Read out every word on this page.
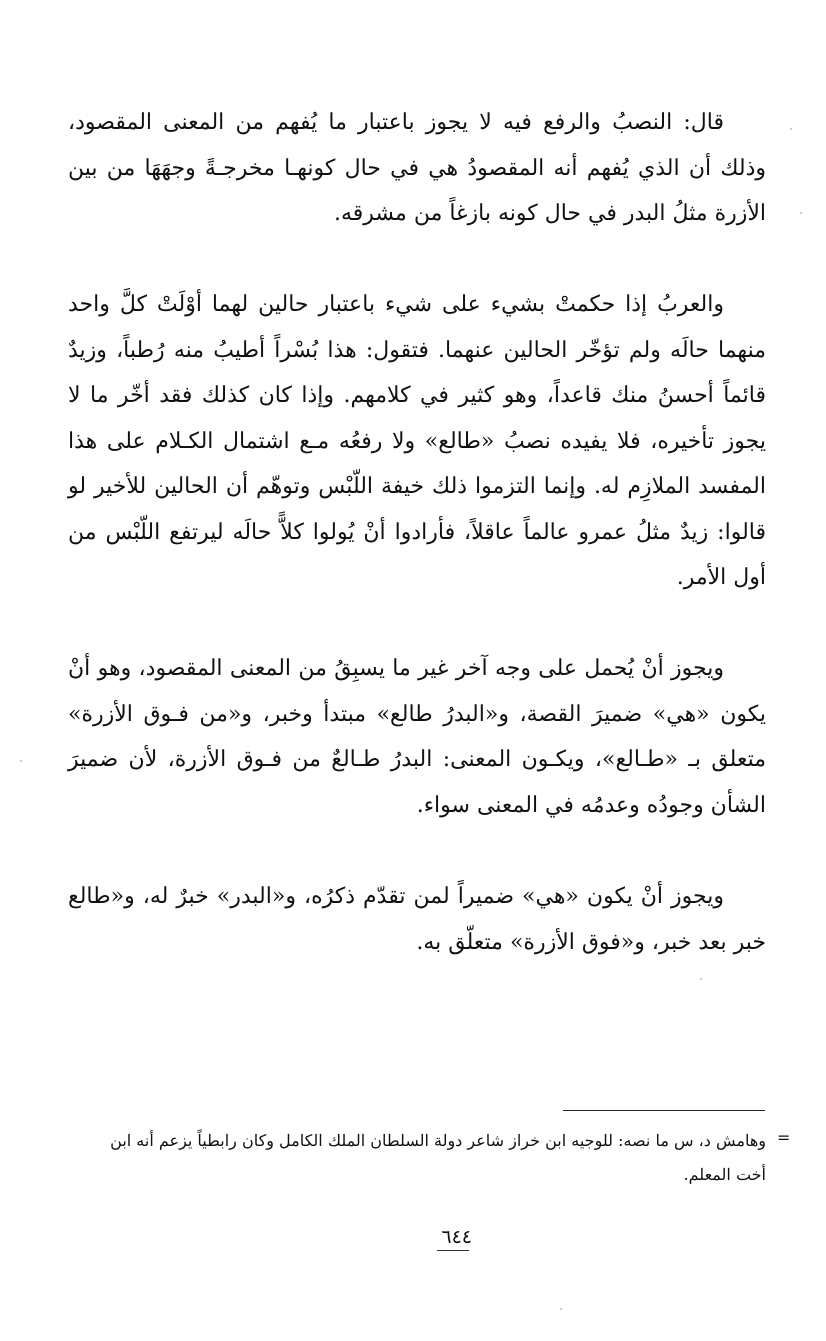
قال: النصبُ والرفع فيه لا يجوز باعتبار ما يُفهم من المعنى المقصود، وذلك أن الذي يُفهم أنه المقصودُ هي في حال كونهـا مخرجـةً وجهَهَا من بين الأزرة مثلُ البدر في حال كونه بازغاً من مشرقه.

والعربُ إذا حكمتْ بشيء على شيء باعتبار حالين لهما أوْلَتْ كلَّ واحد منهما حالَه ولم تؤخّر الحالين عنهما. فتقول: هذا بُسْراً أطيبُ منه رُطباً، وزيدٌ قائماً أحسنُ منك قاعداً، وهو كثير في كلامهم. وإذا كان كذلك فقد أخّر ما لا يجوز تأخيره، فلا يفيده نصبُ «طالع» ولا رفعُه مـع اشتمال الكـلام على هذا المفسد الملازِم له. وإنما التزموا ذلك خيفة اللّبْس وتوهّم أن الحالين للأخير لو قالوا: زيدٌ مثلُ عمرو عالماً عاقلاً، فأرادوا أنْ يُولوا كلاًّ حالَه ليرتفع اللّبْس من أول الأمر.

ويجوز أنْ يُحمل على وجه آخر غير ما يسبِقُ من المعنى المقصود، وهو أنْ يكون «هي» ضميرَ القصة، و«البدرُ طالع» مبتدأ وخبر، و«من فـوق الأزرة» متعلق بـ «طـالع»، ويكـون المعنى: البدرُ طـالعٌ من فـوق الأزرة، لأن ضميرَ الشأن وجودُه وعدمُه في المعنى سواء.

ويجوز أنْ يكون «هي» ضميراً لمن تقدّم ذكرُه، و«البدر» خبرٌ له، و«طالع خبر بعد خبر، و«فوق الأزرة» متعلّق به.

=

وهامش د، س ما نصه: للوجيه ابن خراز شاعر دولة السلطان الملك الكامل وكان رابطياً يزعم أنه ابن أخت المعلم.

٦٤٤
